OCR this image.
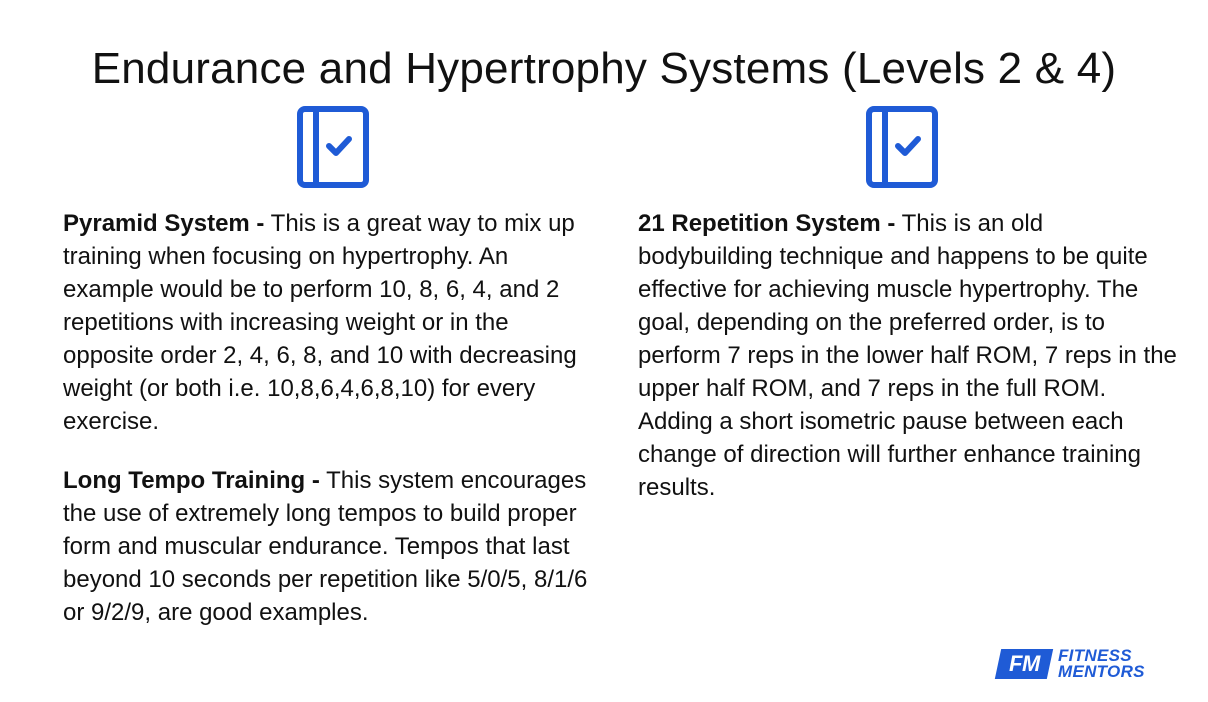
Endurance and Hypertrophy Systems (Levels 2 & 4)

Pyramid System - This is a great way to mix up training when focusing on hypertrophy. An example would be to perform 10, 8, 6, 4, and 2 repetitions with increasing weight or in the opposite order 2, 4, 6, 8, and 10 with decreasing weight (or both i.e. 10,8,6,4,6,8,10) for every exercise.

Long Tempo Training - This system encourages the use of extremely long tempos to build proper form and muscular endurance. Tempos that last beyond 10 seconds per repetition like 5/0/5, 8/1/6 or 9/2/9, are good examples.

21 Repetition System - This is an old bodybuilding technique and happens to be quite effective for achieving muscle hypertrophy. The goal, depending on the preferred order, is to perform 7 reps in the lower half ROM, 7 reps in the upper half ROM, and 7 reps in the full ROM. Adding a short isometric pause between each change of direction will further enhance training results.

FM FITNESS
MENTORS
